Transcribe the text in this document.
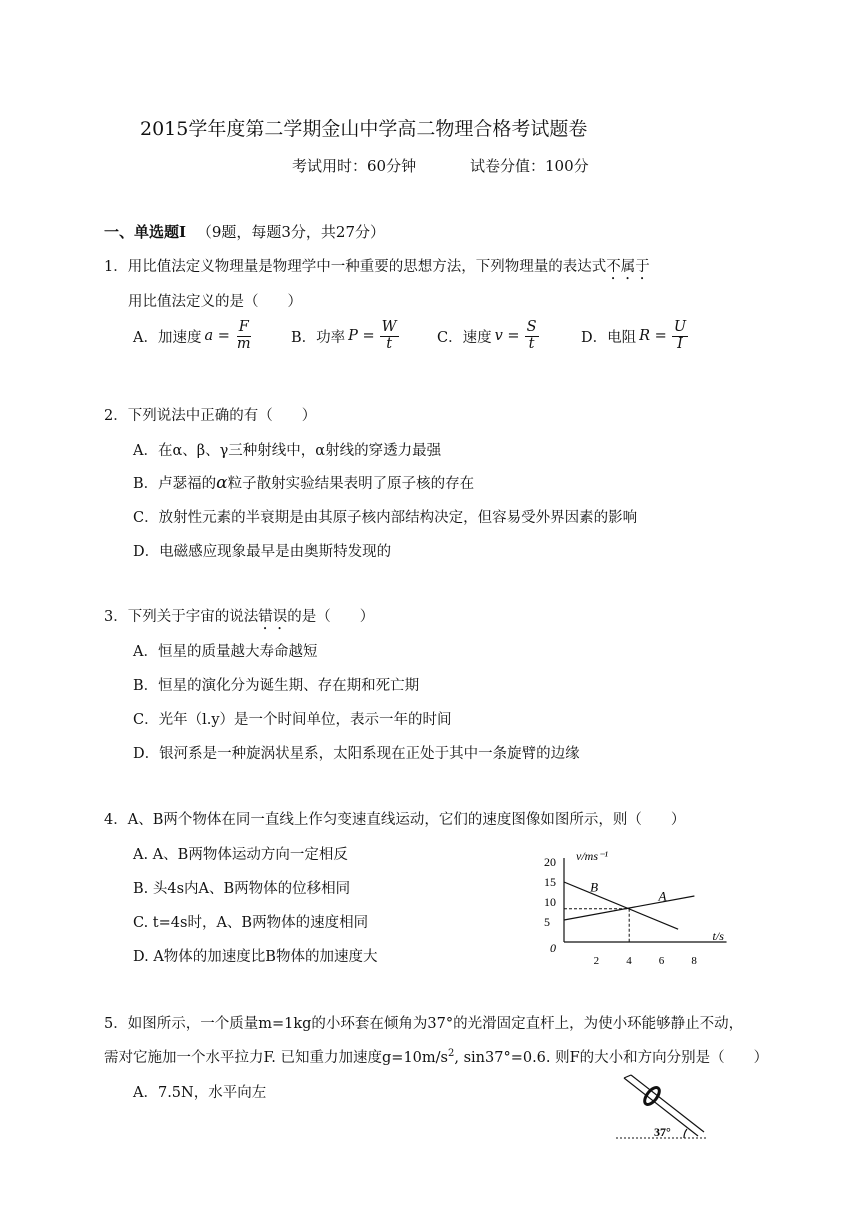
2015学年度第二学期金山中学高二物理合格考试题卷
考试用时：60分钟	试卷分值：100分
一、单选题Ⅰ （9题，每题3分，共27分）
1．用比值法定义物理量是物理学中一种重要的思想方法，下列物理量的表达式不属于
用比值法定义的是（　　）
A．加速度 $a = \frac{F}{m}$	B．功率 $P = \frac{W}{t}$	C．速度 $v = \frac{S}{t}$	D．电阻 $R = \frac{U}{I}$
2．下列说法中正确的有（　　）
A．在α、β、γ三种射线中，α射线的穿透力最强
B．卢瑟福的α粒子散射实验结果表明了原子核的存在
C．放射性元素的半衰期是由其原子核内部结构决定，但容易受外界因素的影响
D．电磁感应现象最早是由奥斯特发现的
3．下列关于宇宙的说法错误的是（　　）
A．恒星的质量越大寿命越短
B．恒星的演化分为诞生期、存在期和死亡期
C．光年（l.y）是一个时间单位，表示一年的时间
D．银河系是一种旋涡状星系，太阳系现在正处于其中一条旋臂的边缘
4．A、B两个物体在同一直线上作匀变速直线运动，它们的速度图像如图所示，则（　　）
A. A、B两物体运动方向一定相反
B. 头4s内A、B两物体的位移相同
C. t=4s时，A、B两物体的速度相同
D. A物体的加速度比B物体的加速度大
5
10
15
20
2 4 6 8
0
v/ms⁻¹
t/s
B
A
5．如图所示，一个质量m=1kg的小环套在倾角为37°的光滑固定直杆上，为使小环能够静止不动，
需对它施加一个水平拉力F. 已知重力加速度$g=10m/s^2$, sin37°=0.6. 则F的大小和方向分别是（　　）
A．7.5N，水平向左
37°
